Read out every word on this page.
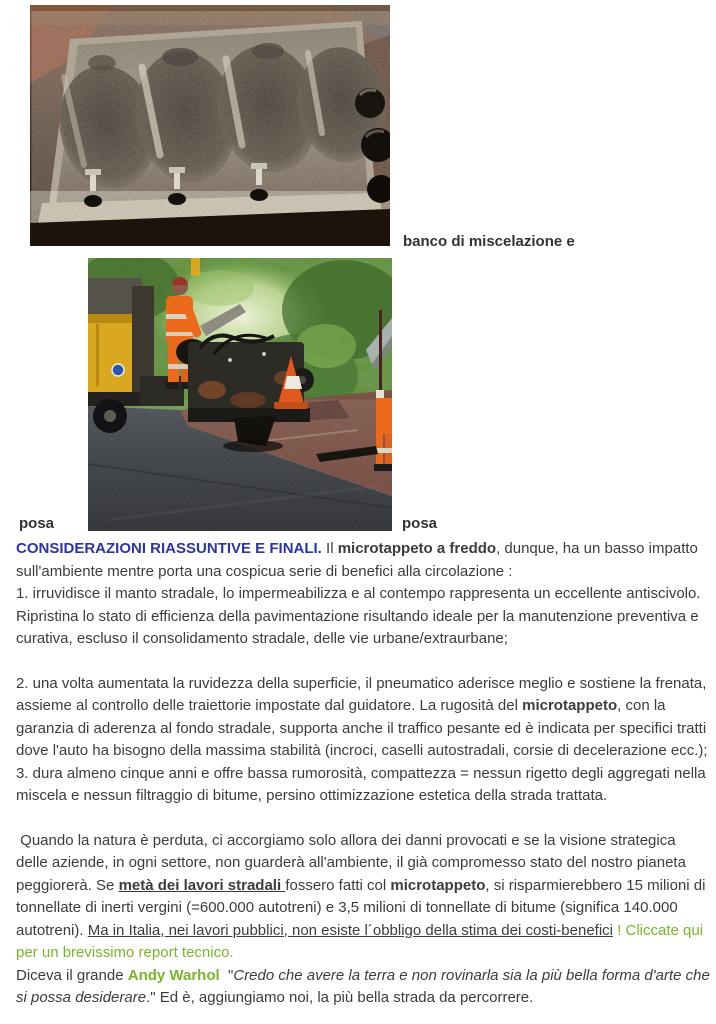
banco di miscelazione e
posa	posa

CONSIDERAZIONI RIASSUNTIVE E FINALI. Il microtappeto a freddo, dunque, ha un basso impatto sull'ambiente mentre porta una cospicua serie di benefici alla circolazione :
1. irruvidisce il manto stradale, lo impermeabilizza e al contempo rappresenta un eccellente antiscivolo. Ripristina lo stato di efficienza della pavimentazione risultando ideale per la manutenzione preventiva e curativa, escluso il consolidamento stradale, delle vie urbane/extraurbane;

2. una volta aumentata la ruvidezza della superficie, il pneumatico aderisce meglio e sostiene la frenata, assieme al controllo delle traiettorie impostate dal guidatore. La rugosità del microtappeto, con la garanzia di aderenza al fondo stradale, supporta anche il traffico pesante ed è indicata per specifici tratti dove l'auto ha bisogno della massima stabilità (incroci, caselli autostradali, corsie di decelerazione ecc.);
3. dura almeno cinque anni e offre bassa rumorosità, compattezza = nessun rigetto degli aggregati nella miscela e nessun filtraggio di bitume, persino ottimizzazione estetica della strada trattata.

Quando la natura è perduta, ci accorgiamo solo allora dei danni provocati e se la visione strategica delle aziende, in ogni settore, non guarderà all'ambiente, il già compromesso stato del nostro pianeta peggiorerà. Se metà dei lavori stradali fossero fatti col microtappeto, si risparmierebbero 15 milioni di tonnellate di inerti vergini (=600.000 autotreni) e 3,5 milioni di tonnellate di bitume (significa 140.000 autotreni). Ma in Italia, nei lavori pubblici, non esiste l´obbligo della stima dei costi-benefici ! Cliccate qui per un brevissimo report tecnico.

Diceva il grande Andy Warhol  "Credo che avere la terra e non rovinarla sia la più bella forma d'arte che si possa desiderare." Ed è, aggiungiamo noi, la più bella strada da percorrere.
